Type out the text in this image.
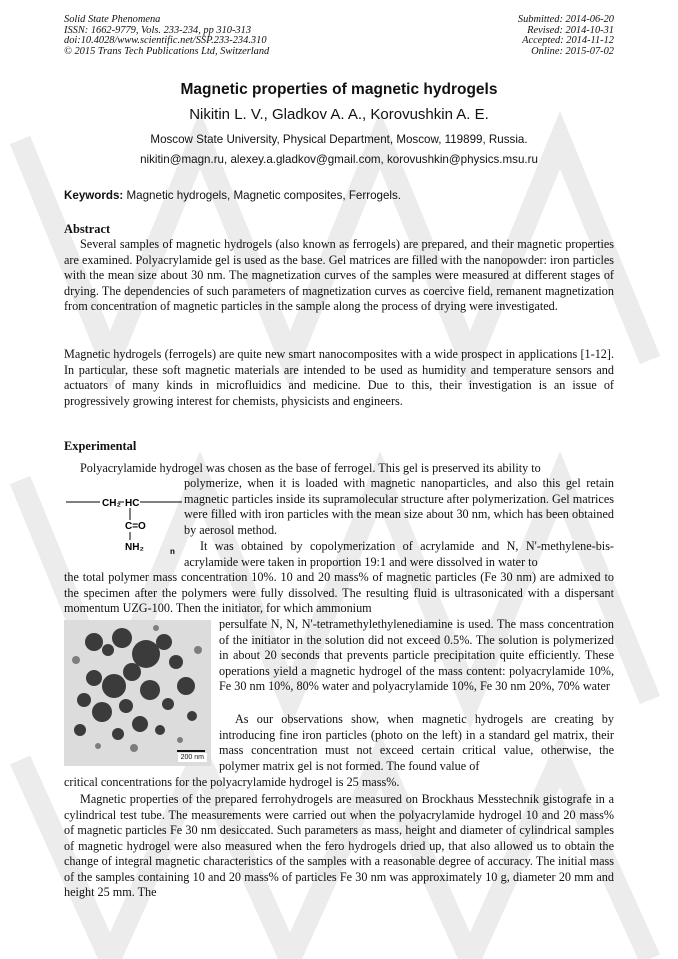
Solid State Phenomena
ISSN: 1662-9779, Vols. 233-234, pp 310-313
doi:10.4028/www.scientific.net/SSP.233-234.310
© 2015 Trans Tech Publications Ltd, Switzerland
Submitted: 2014-06-20
Revised: 2014-10-31
Accepted: 2014-11-12
Online: 2015-07-02
Magnetic properties of magnetic hydrogels
Nikitin L. V., Gladkov A. A., Korovushkin A. E.
Moscow State University, Physical Department, Moscow, 119899, Russia.
nikitin@magn.ru, alexey.a.gladkov@gmail.com, korovushkin@physics.msu.ru
Keywords: Magnetic hydrogels, Magnetic composites, Ferrogels.
Abstract
Several samples of magnetic hydrogels (also known as ferrogels) are prepared, and their magnetic properties are examined. Polyacrylamide gel is used as the base. Gel matrices are filled with the nanopowder: iron particles with the mean size about 30 nm. The magnetization curves of the samples were measured at different stages of drying. The dependencies of such parameters of magnetization curves as coercive field, remanent magnetization from concentration of magnetic particles in the sample along the process of drying were investigated.
Magnetic hydrogels (ferrogels) are quite new smart nanocomposites with a wide prospect in applications [1-12]. In particular, these soft magnetic materials are intended to be used as humidity and temperature sensors and actuators of many kinds in microfluidics and medicine. Due to this, their investigation is an issue of progressively growing interest for chemists, physicists and engineers.
Experimental
Polyacrylamide hydrogel was chosen as the base of ferrogel. This gel is preserved its ability to
CH₂ HC
C=O
NH₂	n
polymerize, when it is loaded with magnetic nanoparticles, and also this gel retain magnetic particles inside its supramolecular structure after polymerization. Gel matrices were filled with iron particles with the mean size about 30 nm, which has been obtained by aerosol method.
It was obtained by copolymerization of acrylamide and N, N'-methylene-bis-acrylamide were taken in proportion 19:1 and were dissolved in water to
the total polymer mass concentration 10%. 10 and 20 mass% of magnetic particles (Fe 30 nm) are admixed to the specimen after the polymers were fully dissolved. The resulting fluid is ultrasonicated with a dispersant momentum UZG-100. Then the initiator, for which ammonium
200 nm
persulfate N, N, N'-tetramethylethylenediamine is used. The mass concentration of the initiator in the solution did not exceed 0.5%. The solution is polymerized in about 20 seconds that prevents particle precipitation quite efficiently. These operations yield a magnetic hydrogel of the mass content: polyacrylamide 10%, Fe 30 nm 10%, 80% water and polyacrylamide 10%, Fe 30 nm 20%, 70% water
As our observations show, when magnetic hydrogels are creating by introducing fine iron particles (photo on the left) in a standard gel matrix, their mass concentration must not exceed certain critical value, otherwise, the polymer matrix gel is not formed. The found value of
critical concentrations for the polyacrylamide hydrogel is 25 mass%.
Magnetic properties of the prepared ferrohydrogels are measured on Brockhaus Messtechnik gistografe in a cylindrical test tube. The measurements were carried out when the polyacrylamide hydrogel 10 and 20 mass% of magnetic particles Fe 30 nm desiccated. Such parameters as mass, height and diameter of cylindrical samples of magnetic hydrogel were also measured when the fero hydrogels dried up, that also allowed us to obtain the change of integral magnetic characteristics of the samples with a reasonable degree of accuracy. The initial mass of the samples containing 10 and 20 mass% of particles Fe 30 nm was approximately 10 g, diameter 20 mm and height 25 mm. The
